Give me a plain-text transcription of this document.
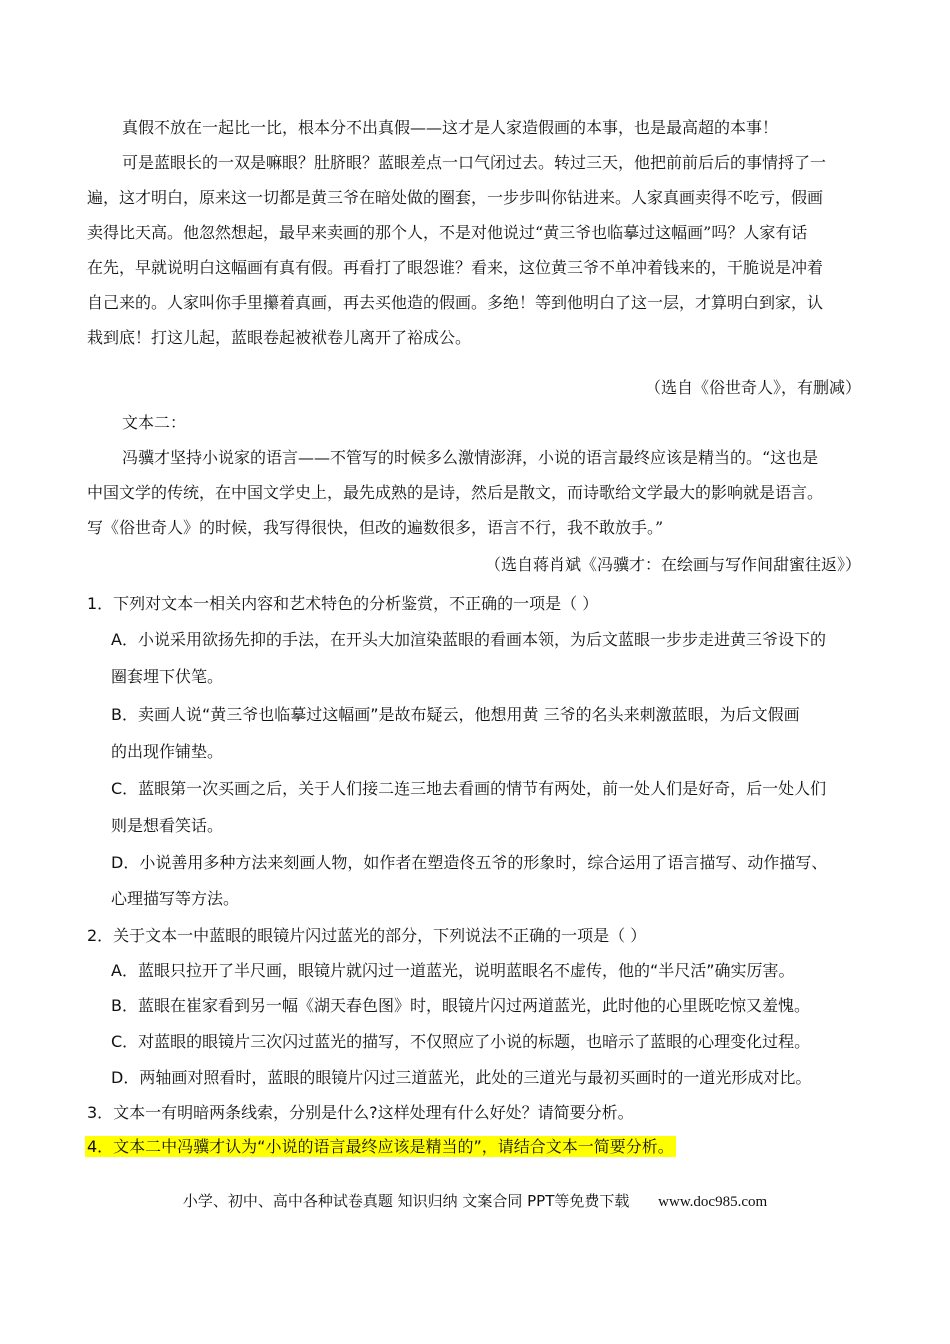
真假不放在一起比一比，根本分不出真假——这才是人家造假画的本事，也是最高超的本事！
可是蓝眼长的一双是嘛眼？肚脐眼？蓝眼差点一口气闭过去。转过三天，他把前前后后的事情捋了一
遍，这才明白，原来这一切都是黄三爷在暗处做的圈套，一步步叫你钻进来。人家真画卖得不吃亏，假画
卖得比天高。他忽然想起，最早来卖画的那个人，不是对他说过“黄三爷也临摹过这幅画”吗？人家有话
在先，早就说明白这幅画有真有假。再看打了眼怨谁？看来，这位黄三爷不单冲着钱来的，干脆说是冲着
自己来的。人家叫你手里攥着真画，再去买他造的假画。多绝！等到他明白了这一层，才算明白到家，认
栽到底！打这儿起，蓝眼卷起被袱卷儿离开了裕成公。
（选自《俗世奇人》，有删减）
文本二：
冯骥才坚持小说家的语言——不管写的时候多么激情澎湃，小说的语言最终应该是精当的。“这也是
中国文学的传统，在中国文学史上，最先成熟的是诗，然后是散文，而诗歌给文学最大的影响就是语言。
写《俗世奇人》的时候，我写得很快，但改的遍数很多，语言不行，我不敢放手。”
（选自蒋肖斌《冯骥才：在绘画与写作间甜蜜往返》）
1．下列对文本一相关内容和艺术特色的分析鉴赏，不正确的一项是（ ）
A．小说采用欲扬先抑的手法，在开头大加渲染蓝眼的看画本领，为后文蓝眼一步步走进黄三爷设下的
圈套埋下伏笔。
B．卖画人说“黄三爷也临摹过这幅画”是故布疑云，他想用黄 三爷的名头来刺激蓝眼，为后文假画
的出现作铺垫。
C．蓝眼第一次买画之后，关于人们接二连三地去看画的情节有两处，前一处人们是好奇，后一处人们
则是想看笑话。
D．小说善用多种方法来刻画人物，如作者在塑造佟五爷的形象时，综合运用了语言描写、动作描写、
心理描写等方法。
2．关于文本一中蓝眼的眼镜片闪过蓝光的部分，下列说法不正确的一项是（ ）
A．蓝眼只拉开了半尺画，眼镜片就闪过一道蓝光，说明蓝眼名不虚传，他的“半尺活”确实厉害。
B．蓝眼在崔家看到另一幅《湖天春色图》时，眼镜片闪过两道蓝光，此时他的心里既吃惊又羞愧。
C．对蓝眼的眼镜片三次闪过蓝光的描写，不仅照应了小说的标题，也暗示了蓝眼的心理变化过程。
D．两轴画对照看时，蓝眼的眼镜片闪过三道蓝光，此处的三道光与最初买画时的一道光形成对比。
3．文本一有明暗两条线索，分别是什么?这样处理有什么好处？请简要分析。
4．文本二中冯骥才认为“小说的语言最终应该是精当的”，请结合文本一简要分析。
小学、初中、高中各种试卷真题 知识归纳 文案合同 PPT等免费下载 www.doc985.com
